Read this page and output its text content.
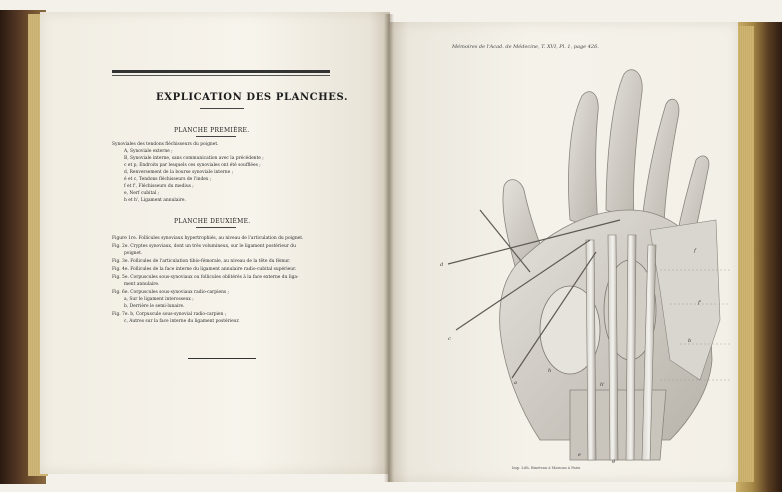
EXPLICATION DES PLANCHES.
PLANCHE PREMIÈRE.
Synoviales des tendons fléchisseurs du poignet.
A, Synoviale externe ;
B, Synoviale interne, sans communication avec la précédente ;
c et p, Endroits par lesquels ces synoviales ont été soufflées ;
d, Renversement de la bourse synoviale interne ;
é et c, Tendons fléchisseurs de l'index ;
f et f', Fléchisseurs du medius ;
e, Nerf cubital ;
h et h', Ligament annulaire.
PLANCHE DEUXIÈME.
Figure 1re. Follicules synoviaux hypertrophiés, au niveau de l'articulation du poignet.
Fig. 2e. Cryptes synoviaux, dont un très volumineux, sur le ligament postérieur du
poignet.
Fig. 3e. Follicules de l'articulation tibio-fémorale, au niveau de la tête du fémur.
Fig. 4e. Follicules de la face interne du ligament annulaire radio-cubital supérieur.
Fig. 5e. Corpuscules sous-synoviaux ou follicules oblitérés à la face externe du liga-
ment annulaire.
Fig. 6e. Corpuscules sous-synoviaux radio-carpiens ;
a, Sur le ligament interosseux ;
b, Derrière le semi-lunaire.
Fig. 7e. b, Corpuscule sous-synovial radio-carpien ;
c, Autres sur la face interne du ligament postérieur.
Mémoires de l'Acad. de Médecine, T. XVI, Pl. 1, page 426.
d
c
h
h'
f
f'
b
a
e
g
Imp. Lith. Bineteau à Maisons à Paris
